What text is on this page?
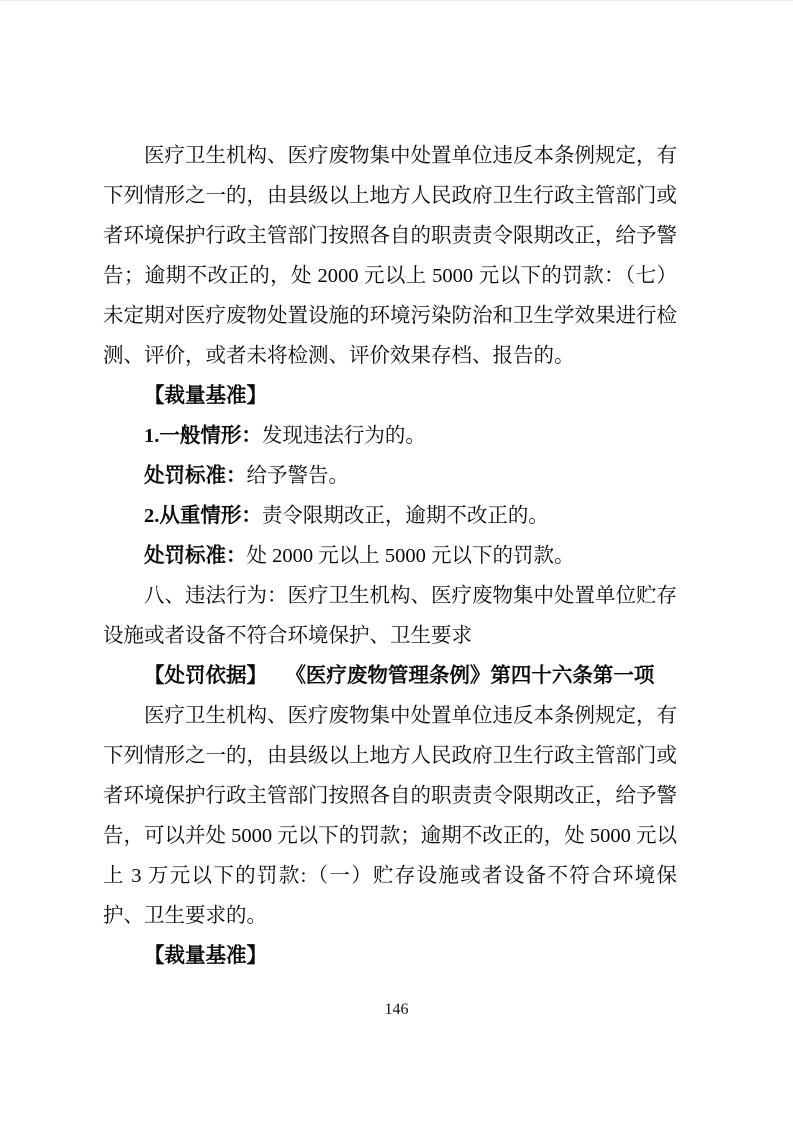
医疗卫生机构、医疗废物集中处置单位违反本条例规定，有下列情形之一的，由县级以上地方人民政府卫生行政主管部门或者环境保护行政主管部门按照各自的职责责令限期改正，给予警告；逾期不改正的，处 2000 元以上 5000 元以下的罚款：（七）未定期对医疗废物处置设施的环境污染防治和卫生学效果进行检测、评价，或者未将检测、评价效果存档、报告的。

【裁量基准】
1.一般情形：发现违法行为的。
处罚标准：给予警告。
2.从重情形：责令限期改正，逾期不改正的。
处罚标准：处 2000 元以上 5000 元以下的罚款。

八、违法行为：医疗卫生机构、医疗废物集中处置单位贮存设施或者设备不符合环境保护、卫生要求

【处罚依据】 《医疗废物管理条例》第四十六条第一项

医疗卫生机构、医疗废物集中处置单位违反本条例规定，有下列情形之一的，由县级以上地方人民政府卫生行政主管部门或者环境保护行政主管部门按照各自的职责责令限期改正，给予警告，可以并处 5000 元以下的罚款；逾期不改正的，处 5000 元以上 3 万元以下的罚款:（一）贮存设施或者设备不符合环境保护、卫生要求的。

【裁量基准】
146
